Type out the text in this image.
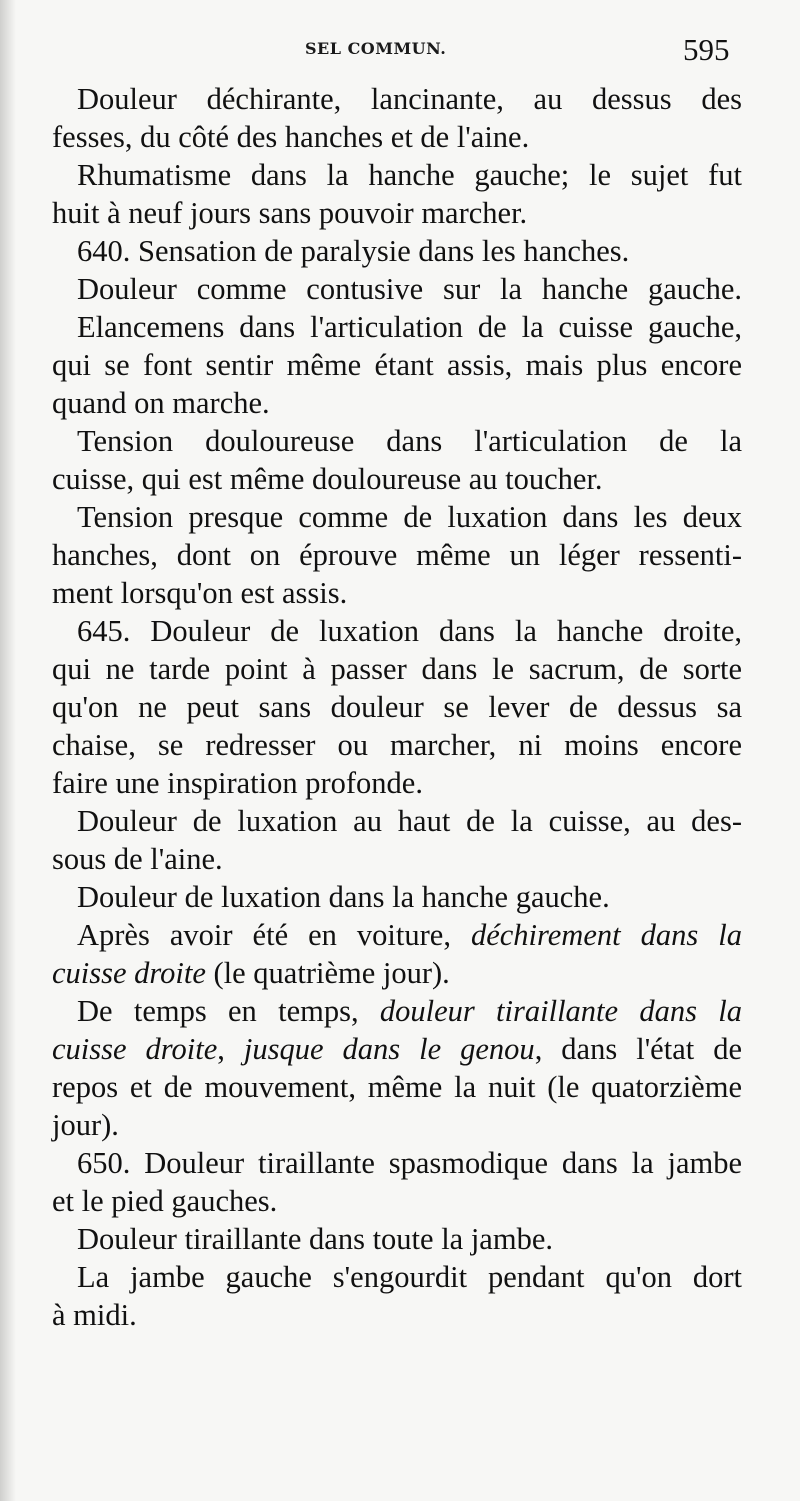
SEL COMMUN.	595
Douleur déchirante, lancinante, au dessus des
fesses, du côté des hanches et de l'aine.
Rhumatisme dans la hanche gauche; le sujet fut
huit à neuf jours sans pouvoir marcher.
640. Sensation de paralysie dans les hanches.
Douleur comme contusive sur la hanche gauche.
Elancemens dans l'articulation de la cuisse gauche,
qui se font sentir même étant assis, mais plus encore
quand on marche.
Tension douloureuse dans l'articulation de la
cuisse, qui est même douloureuse au toucher.
Tension presque comme de luxation dans les deux
hanches, dont on éprouve même un léger ressenti-
ment lorsqu'on est assis.
645. Douleur de luxation dans la hanche droite,
qui ne tarde point à passer dans le sacrum, de sorte
qu'on ne peut sans douleur se lever de dessus sa
chaise, se redresser ou marcher, ni moins encore
faire une inspiration profonde.
Douleur de luxation au haut de la cuisse, au des-
sous de l'aine.
Douleur de luxation dans la hanche gauche.
Après avoir été en voiture, déchirement dans la
cuisse droite (le quatrième jour).
De temps en temps, douleur tiraillante dans la
cuisse droite, jusque dans le genou, dans l'état de
repos et de mouvement, même la nuit (le quatorzième
jour).
650. Douleur tiraillante spasmodique dans la jambe
et le pied gauches.
Douleur tiraillante dans toute la jambe.
La jambe gauche s'engourdit pendant qu'on dort
à midi.
